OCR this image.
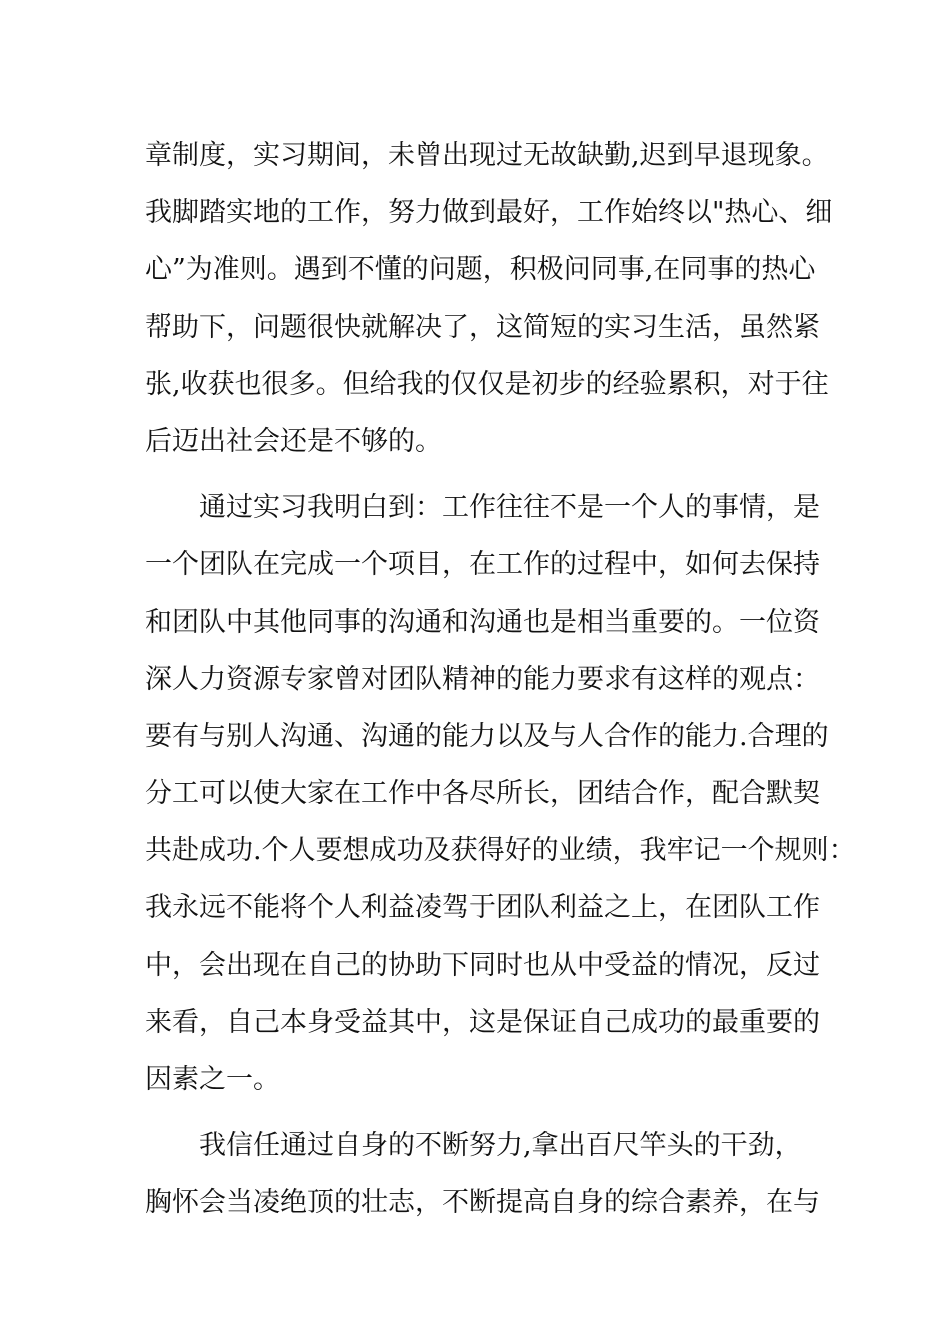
章制度，实习期间，未曾出现过无故缺勤,迟到早退现象。
我脚踏实地的工作，努力做到最好，工作始终以"热心、细
心”为准则。遇到不懂的问题，积极问同事,在同事的热心
帮助下，问题很快就解决了，这简短的实习生活，虽然紧
张,收获也很多。但给我的仅仅是初步的经验累积，对于往
后迈出社会还是不够的。
　　通过实习我明白到：工作往往不是一个人的事情，是
一个团队在完成一个项目，在工作的过程中，如何去保持
和团队中其他同事的沟通和沟通也是相当重要的。一位资
深人力资源专家曾对团队精神的能力要求有这样的观点：
要有与别人沟通、沟通的能力以及与人合作的能力.合理的
分工可以使大家在工作中各尽所长，团结合作，配合默契
共赴成功.个人要想成功及获得好的业绩，我牢记一个规则：
我永远不能将个人利益凌驾于团队利益之上，在团队工作
中，会出现在自己的协助下同时也从中受益的情况，反过
来看，自己本身受益其中，这是保证自己成功的最重要的
因素之一。
　　我信任通过自身的不断努力,拿出百尺竿头的干劲，
胸怀会当凌绝顶的壮志，不断提高自身的综合素养，在与
